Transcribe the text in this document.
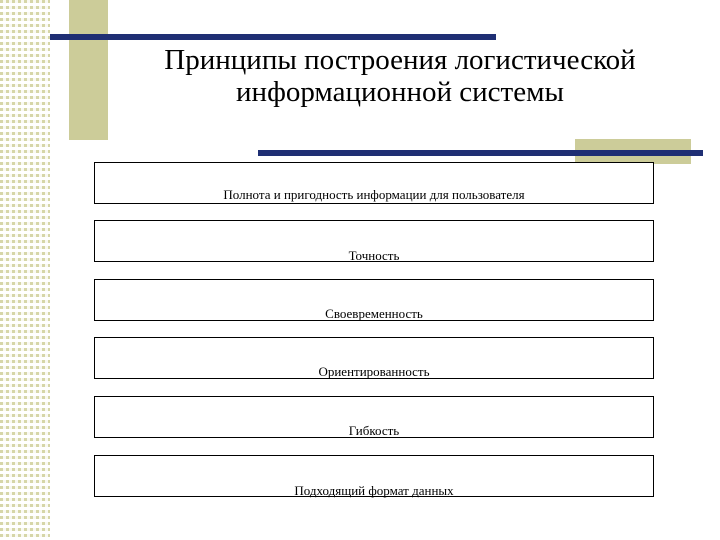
Принципы построения логистической
информационной системы
Полнота и пригодность информации для пользователя
Точность
Своевременность
Ориентированность
Гибкость
Подходящий формат данных
